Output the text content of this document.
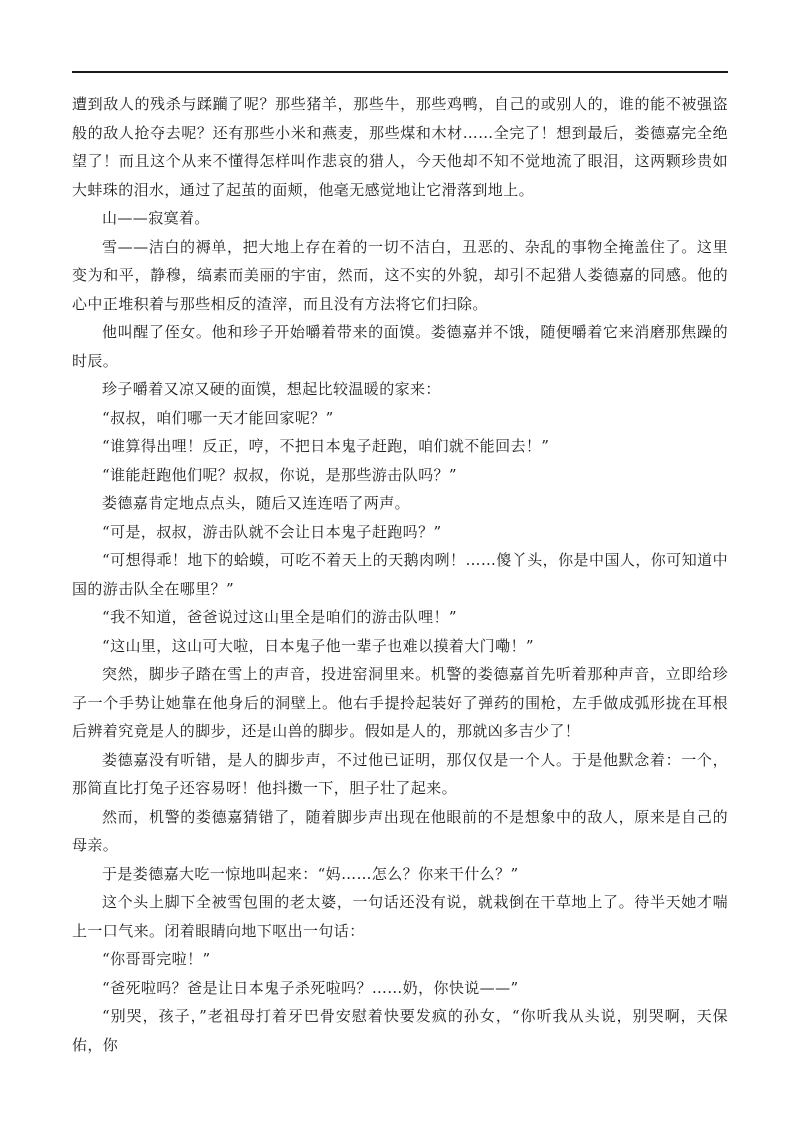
遭到敌人的残杀与蹂躏了呢？那些猪羊，那些牛，那些鸡鸭，自己的或别人的，谁的能不被强盗般的敌人抢夺去呢？还有那些小米和燕麦，那些煤和木材……全完了！想到最后，娄德嘉完全绝望了！而且这个从来不懂得怎样叫作悲哀的猎人，今天他却不知不觉地流了眼泪，这两颗珍贵如大蚌珠的泪水，通过了起茧的面颊，他毫无感觉地让它滑落到地上。

山——寂寞着。

雪——洁白的褥单，把大地上存在着的一切不洁白，丑恶的、杂乱的事物全掩盖住了。这里变为和平，静穆，缟素而美丽的宇宙，然而，这不实的外貌，却引不起猎人娄德嘉的同感。他的心中正堆积着与那些相反的渣滓，而且没有方法将它们扫除。

他叫醒了侄女。他和珍子开始嚼着带来的面馍。娄德嘉并不饿，随便嚼着它来消磨那焦躁的时辰。

珍子嚼着又凉又硬的面馍，想起比较温暖的家来：

“叔叔，咱们哪一天才能回家呢？”

“谁算得出哩！反正，哼，不把日本鬼子赶跑，咱们就不能回去！”

“谁能赶跑他们呢？叔叔，你说，是那些游击队吗？”

娄德嘉肯定地点点头，随后又连连唔了两声。

“可是，叔叔，游击队就不会让日本鬼子赶跑吗？”

“可想得乖！地下的蛤蟆，可吃不着天上的天鹅肉咧！……傻丫头，你是中国人，你可知道中国的游击队全在哪里？”

“我不知道，爸爸说过这山里全是咱们的游击队哩！”

“这山里，这山可大啦，日本鬼子他一辈子也难以摸着大门嘞！”

突然，脚步子踏在雪上的声音，投进窑洞里来。机警的娄德嘉首先听着那种声音，立即给珍子一个手势让她靠在他身后的洞壁上。他右手提拎起装好了弹药的围枪，左手做成弧形拢在耳根后辨着究竟是人的脚步，还是山兽的脚步。假如是人的，那就凶多吉少了！

娄德嘉没有听错，是人的脚步声，不过他已证明，那仅仅是一个人。于是他默念着：一个，那简直比打兔子还容易呀！他抖擞一下，胆子壮了起来。

然而，机警的娄德嘉猜错了，随着脚步声出现在他眼前的不是想象中的敌人，原来是自己的母亲。

于是娄德嘉大吃一惊地叫起来：“妈……怎么？你来干什么？”

这个头上脚下全被雪包围的老太婆，一句话还没有说，就栽倒在干草地上了。待半天她才喘上一口气来。闭着眼睛向地下呕出一句话：

“你哥哥完啦！”

“爸死啦吗？爸是让日本鬼子杀死啦吗？……奶，你快说——”

“别哭，孩子，”老祖母打着牙巴骨安慰着快要发疯的孙女，“你听我从头说，别哭啊，天保佑，你
